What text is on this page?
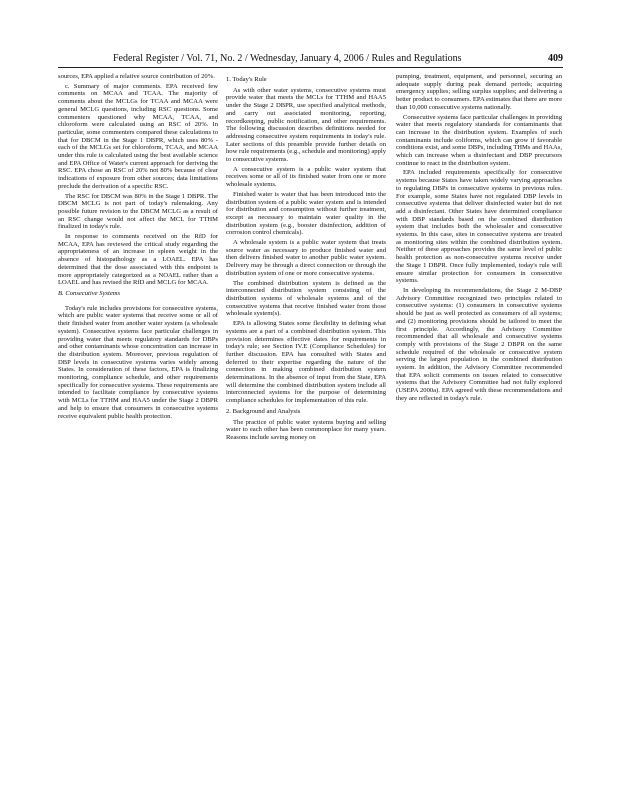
Federal Register / Vol. 71, No. 2 / Wednesday, January 4, 2006 / Rules and Regulations	409

sources, EPA applied a relative source contribution of 20%.

c. Summary of major comments. EPA received few comments on MCAA and TCAA. The majority of comments about the MCLGs for TCAA and MCAA were general MCLG questions, including RSC questions. Some commenters questioned why MCAA, TCAA, and chloroform were calculated using an RSC of 20%. In particular, some commenters compared these calculations to that for DBCM in the Stage 1 DBPR, which uses 80% - each of the MCLGs set for chloroform, TCAA, and MCAA under this rule is calculated using the best available science and EPA Office of Water's current approach for deriving the RSC. EPA chose an RSC of 20% not 80% because of clear indications of exposure from other sources; data limitations preclude the derivation of a specific RSC.

The RSC for DBCM was 80% in the Stage 1 DBPR. The DBCM MCLG is not part of today's rulemaking. Any possible future revision to the DBCM MCLG as a result of an RSC change would not affect the MCL for TTHM finalized in today's rule.

In response to comments received on the RfD for MCAA, EPA has reviewed the critical study regarding the appropriateness of an increase in spleen weight in the absence of histopathology as a LOAEL. EPA has determined that the dose associated with this endpoint is more appropriately categorized as a NOAEL rather than a LOAEL and has revised the RfD and MCLG for MCAA.

B. Consecutive Systems

Today's rule includes provisions for consecutive systems, which are public water systems that receive some or all of their finished water from another water system (a wholesale system). Consecutive systems face particular challenges in providing water that meets regulatory standards for DBPs and other contaminants whose concentration can increase in the distribution system. Moreover, previous regulation of DBP levels in consecutive systems varies widely among States. In consideration of these factors, EPA is finalizing monitoring, compliance schedule, and other requirements specifically for consecutive systems. These requirements are intended to facilitate compliance by consecutive systems with MCLs for TTHM and HAA5 under the Stage 2 DBPR and help to ensure that consumers in consecutive systems receive equivalent public health protection.

1. Today's Rule

As with other water systems, consecutive systems must provide water that meets the MCLs for TTHM and HAA5 under the Stage 2 DBPR, use specified analytical methods, and carry out associated monitoring, reporting, recordkeeping, public notification, and other requirements. The following discussion describes definitions needed for addressing consecutive system requirements in today's rule. Later sections of this preamble provide further details on how rule requirements (e.g., schedule and monitoring) apply to consecutive systems.

A consecutive system is a public water system that receives some or all of its finished water from one or more wholesale systems.

Finished water is water that has been introduced into the distribution system of a public water system and is intended for distribution and consumption without further treatment, except as necessary to maintain water quality in the distribution system (e.g., booster disinfection, addition of corrosion control chemicals).

A wholesale system is a public water system that treats source water as necessary to produce finished water and then delivers finished water to another public water system. Delivery may be through a direct connection or through the distribution system of one or more consecutive systems.

The combined distribution system is defined as the interconnected distribution system consisting of the distribution systems of wholesale systems and of the consecutive systems that receive finished water from those wholesale system(s).

EPA is allowing States some flexibility in defining what systems are a part of a combined distribution system. This provision determines effective dates for requirements in today's rule; see Section IV.E (Compliance Schedules) for further discussion. EPA has consulted with States and deferred to their expertise regarding the nature of the connection in making combined distribution system determinations. In the absence of input from the State, EPA will determine the combined distribution system include all interconnected systems for the purpose of determining compliance schedules for implementation of this rule.

2. Background and Analysis

The practice of public water systems buying and selling water to each other has been commonplace for many years. Reasons include saving money on

pumping, treatment, equipment, and personnel, securing an adequate supply during peak demand periods; acquiring emergency supplies; selling surplus supplies; and delivering a better product to consumers. EPA estimates that there are more than 10,000 consecutive systems nationally.

Consecutive systems face particular challenges in providing water that meets regulatory standards for contaminants that can increase in the distribution system. Examples of such contaminants include coliforms, which can grow if favorable conditions exist, and some DBPs, including THMs and HAAs, which can increase when a disinfectant and DBP precursors continue to react in the distribution system.

EPA included requirements specifically for consecutive systems because States have taken widely varying approaches to regulating DBPs in consecutive systems in previous rules. For example, some States have not regulated DBP levels in consecutive systems that deliver disinfected water but do not add a disinfectant. Other States have determined compliance with DBP standards based on the combined distribution system that includes both the wholesaler and consecutive systems. In this case, sites in consecutive systems are treated as monitoring sites within the combined distribution system. Neither of these approaches provides the same level of public health protection as non-consecutive systems receive under the Stage 1 DBPR. Once fully implemented, today's rule will ensure similar protection for consumers in consecutive systems.

In developing its recommendations, the Stage 2 M-DBP Advisory Committee recognized two principles related to consecutive systems: (1) consumers in consecutive systems should be just as well protected as consumers of all systems; and (2) monitoring provisions should be tailored to meet the first principle. Accordingly, the Advisory Committee recommended that all wholesale and consecutive systems comply with provisions of the Stage 2 DBPR on the same schedule required of the wholesale or consecutive system serving the largest population in the combined distribution system. In addition, the Advisory Committee recommended that EPA solicit comments on issues related to consecutive systems that the Advisory Committee had not fully explored (USEPA 2000a). EPA agreed with these recommendations and they are reflected in today's rule.
